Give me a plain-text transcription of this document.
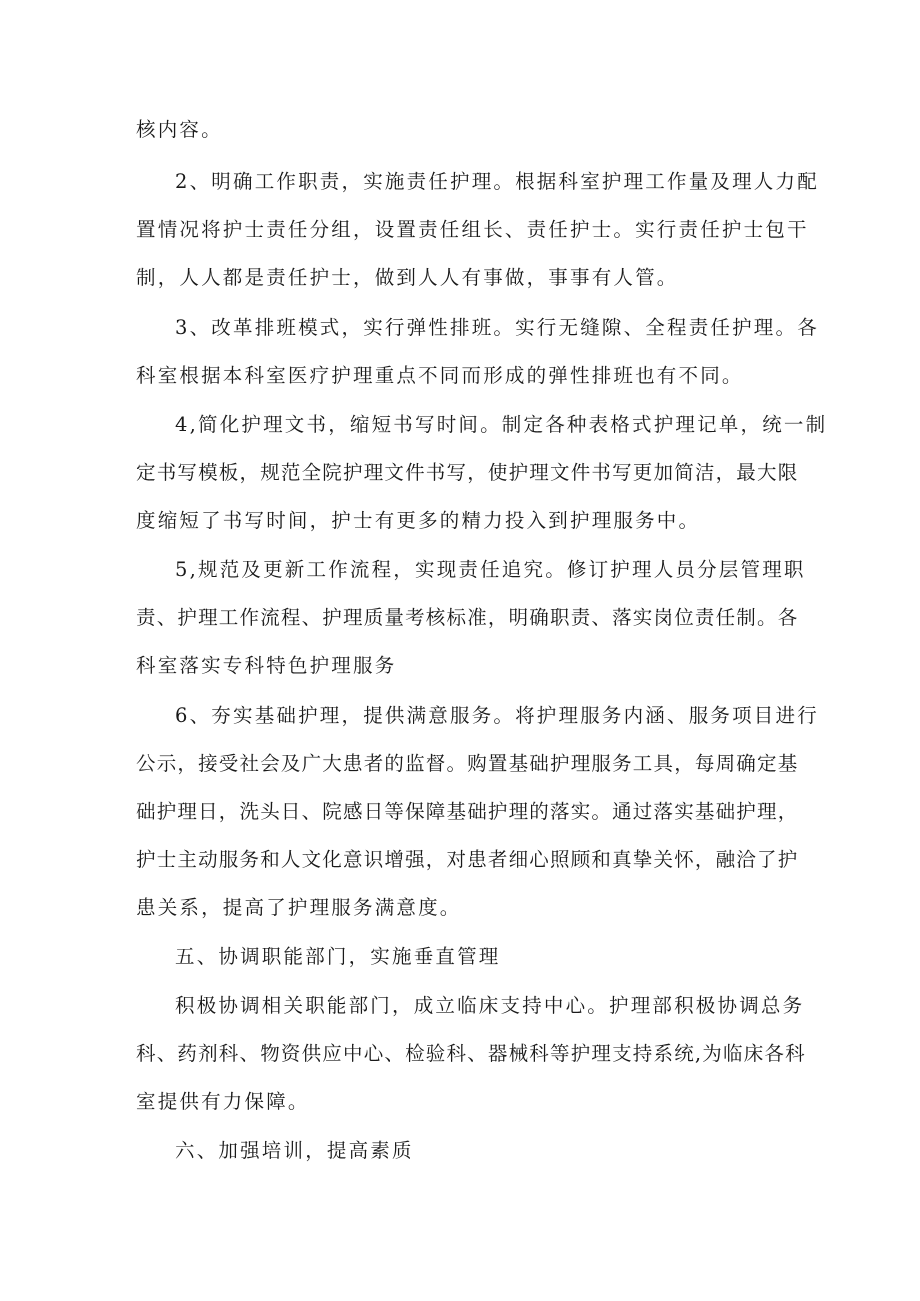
核内容。
2、明确工作职责，实施责任护理。根据科室护理工作量及理人力配
置情况将护士责任分组，设置责任组长、责任护士。实行责任护士包干
制，人人都是责任护士，做到人人有事做，事事有人管。
3、改革排班模式，实行弹性排班。实行无缝隙、全程责任护理。各
科室根据本科室医疗护理重点不同而形成的弹性排班也有不同。
4,简化护理文书，缩短书写时间。制定各种表格式护理记单，统一制
定书写模板，规范全院护理文件书写，使护理文件书写更加简洁，最大限
度缩短了书写时间，护士有更多的精力投入到护理服务中。
5,规范及更新工作流程，实现责任追究。修订护理人员分层管理职
责、护理工作流程、护理质量考核标准，明确职责、落实岗位责任制。各
科室落实专科特色护理服务
6、夯实基础护理，提供满意服务。将护理服务内涵、服务项目进行
公示，接受社会及广大患者的监督。购置基础护理服务工具，每周确定基
础护理日，洗头日、院感日等保障基础护理的落实。通过落实基础护理，
护士主动服务和人文化意识增强，对患者细心照顾和真挚关怀，融洽了护
患关系，提高了护理服务满意度。
五、协调职能部门，实施垂直管理
积极协调相关职能部门，成立临床支持中心。护理部积极协调总务
科、药剂科、物资供应中心、检验科、器械科等护理支持系统,为临床各科
室提供有力保障。
六、加强培训，提高素质
